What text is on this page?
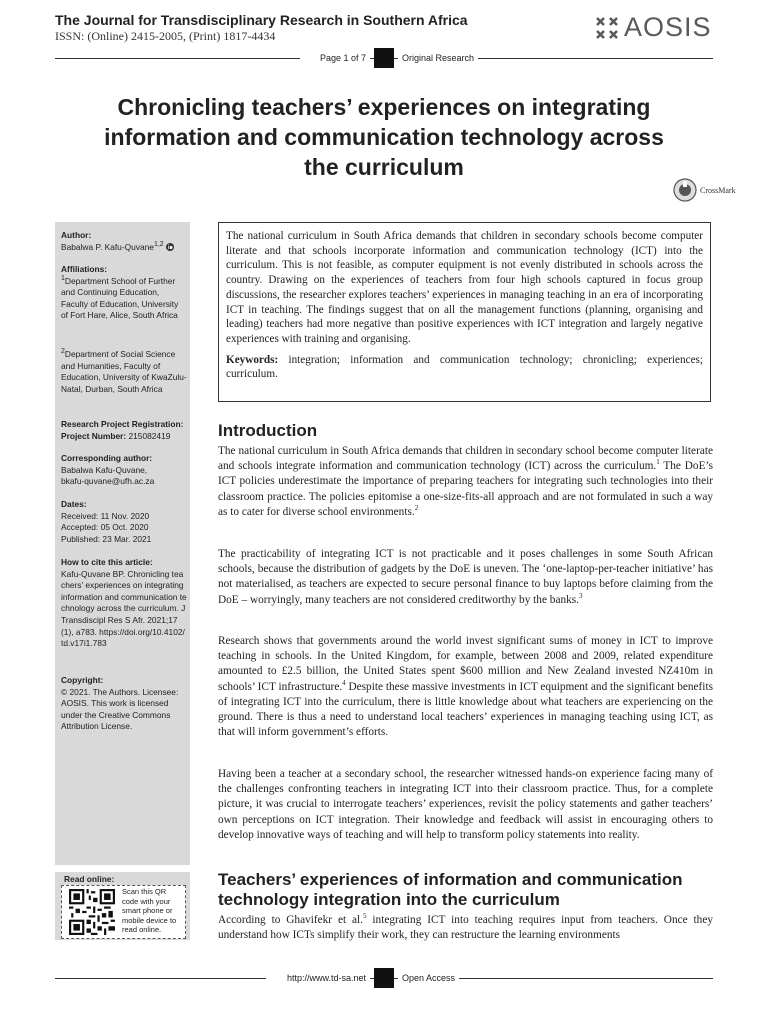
The Journal for Transdisciplinary Research in Southern Africa
ISSN: (Online) 2415-2005, (Print) 1817-4434	AOSIS
Page 1 of 7	Original Research
Chronicling teachers’ experiences on integrating information and communication technology across the curriculum
CrossMark
Author:
Babalwa P. Kafu-Quvane$^{1,2}$
Affiliations:
$^1$Department School of Further and Continuing Education, Faculty of Education, University of Fort Hare, Alice, South Africa
$^2$Department of Social Science and Humanities, Faculty of Education, University of KwaZulu-Natal, Durban, South Africa
Research Project Registration:
Project Number: 215082419
Corresponding author:
Babalwa Kafu-Quvane,
bkafu-quvane@ufh.ac.za
Dates:
Received: 11 Nov. 2020
Accepted: 05 Oct. 2020
Published: 23 Mar. 2021
How to cite this article:
Kafu-Quvane BP. Chronicling teachers’ experiences on integrating information and communication technology across the curriculum. J Transdiscipl Res S Afr. 2021;17(1), a783. https://doi.org/10.4102/td.v17i1.783
Copyright:
© 2021. The Authors. Licensee: AOSIS. This work is licensed under the Creative Commons Attribution License.
Read online:
Scan this QR code with your smart phone or mobile device to read online.

The national curriculum in South Africa demands that children in secondary schools become computer literate and that schools incorporate information and communication technology (ICT) into the curriculum. This is not feasible, as computer equipment is not evenly distributed in schools across the country. Drawing on the experiences of teachers from four high schools captured in focus group discussions, the researcher explores teachers’ experiences in managing teaching in an era of incorporating ICT in teaching. The findings suggest that on all the management functions (planning, organising and leading) teachers had more negative than positive experiences with ICT integration and largely negative experiences with training and organising.

Keywords: integration; information and communication technology; chronicling; experiences; curriculum.

Introduction

The national curriculum in South Africa demands that children in secondary school become computer literate and schools integrate information and communication technology (ICT) across the curriculum.$^1$ The DoE’s ICT policies underestimate the importance of preparing teachers for integrating such technologies into their classroom practice. The policies epitomise a one-size-fits-all approach and are not formulated in such a way as to cater for diverse school environments.$^2$

The practicability of integrating ICT is not practicable and it poses challenges in some South African schools, because the distribution of gadgets by the DoE is uneven. The ‘one-laptop-per-teacher initiative’ has not materialised, as teachers are expected to secure personal finance to buy laptops before claiming from the DoE – worryingly, many teachers are not considered creditworthy by the banks.$^3$

Research shows that governments around the world invest significant sums of money in ICT to improve teaching in schools. In the United Kingdom, for example, between 2008 and 2009, related expenditure amounted to £2.5 billion, the United States spent $600 million and New Zealand invested NZ410m in schools’ ICT infrastructure.$^4$ Despite these massive investments in ICT equipment and the significant benefits of integrating ICT into the curriculum, there is little knowledge about what teachers are experiencing on the ground. There is thus a need to understand local teachers’ experiences in managing teaching using ICT, as that will inform government’s efforts.

Having been a teacher at a secondary school, the researcher witnessed hands-on experience facing many of the challenges confronting teachers in integrating ICT into their classroom practice. Thus, for a complete picture, it was crucial to interrogate teachers’ experiences, revisit the policy statements and gather teachers’ own perceptions on ICT integration. Their knowledge and feedback will assist in encouraging others to develop innovative ways of teaching and will help to transform policy statements into reality.

Teachers’ experiences of information and communication technology integration into the curriculum

According to Ghavifekr et al.$^5$ integrating ICT into teaching requires input from teachers. Once they understand how ICTs simplify their work, they can restructure the learning environments

http://www.td-sa.net	Open Access
